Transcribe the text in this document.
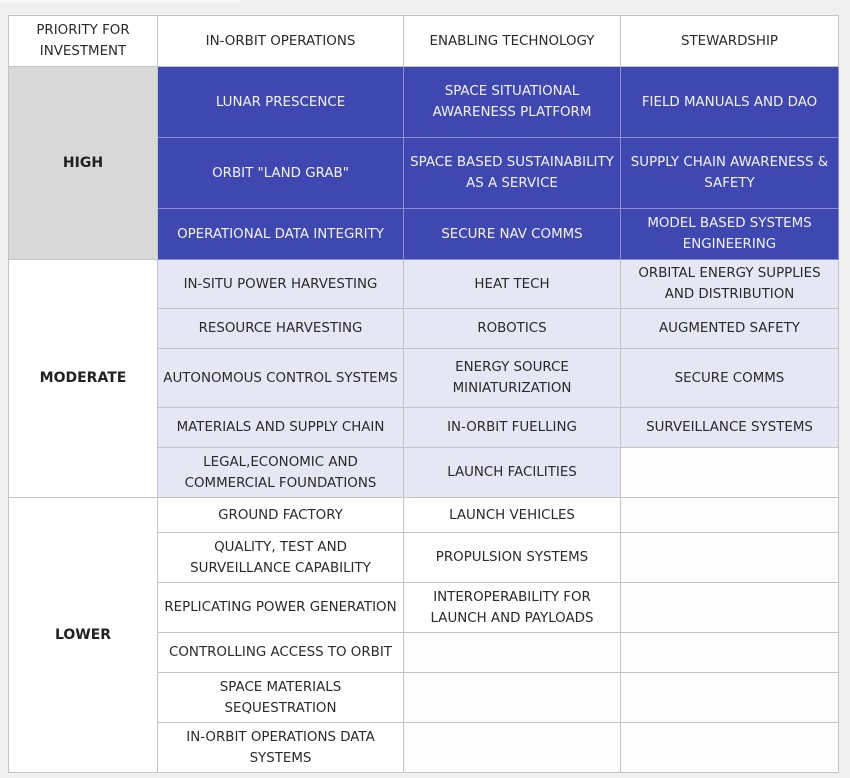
PRIORITY FOR INVESTMENT	IN-ORBIT OPERATIONS	ENABLING TECHNOLOGY	STEWARDSHIP
HIGH	LUNAR PRESCENCE	SPACE SITUATIONAL AWARENESS PLATFORM	FIELD MANUALS AND DAO
	ORBIT "LAND GRAB"	SPACE BASED SUSTAINABILITY AS A SERVICE	SUPPLY CHAIN AWARENESS & SAFETY
	OPERATIONAL DATA INTEGRITY	SECURE NAV COMMS	MODEL BASED SYSTEMS ENGINEERING
MODERATE	IN-SITU POWER HARVESTING	HEAT TECH	ORBITAL ENERGY SUPPLIES AND DISTRIBUTION
	RESOURCE HARVESTING	ROBOTICS	AUGMENTED SAFETY
	AUTONOMOUS CONTROL SYSTEMS	ENERGY SOURCE MINIATURIZATION	SECURE COMMS
	MATERIALS AND SUPPLY CHAIN	IN-ORBIT FUELLING	SURVEILLANCE SYSTEMS
	LEGAL,ECONOMIC AND COMMERCIAL FOUNDATIONS	LAUNCH FACILITIES	
LOWER	GROUND FACTORY	LAUNCH VEHICLES	
	QUALITY, TEST AND SURVEILLANCE CAPABILITY	PROPULSION SYSTEMS	
	REPLICATING POWER GENERATION	INTEROPERABILITY FOR LAUNCH AND PAYLOADS	
	CONTROLLING ACCESS TO ORBIT		
	SPACE MATERIALS SEQUESTRATION		
	IN-ORBIT OPERATIONS DATA SYSTEMS		
